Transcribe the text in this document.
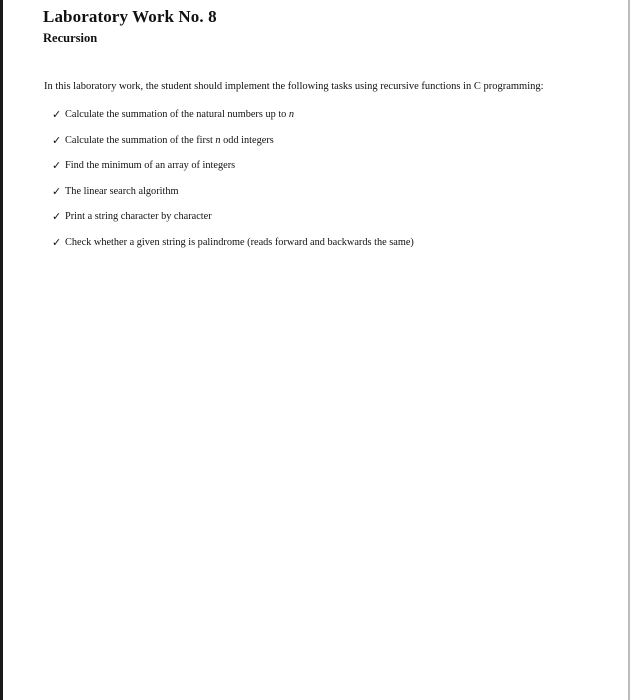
Laboratory Work No. 8
Recursion
In this laboratory work, the student should implement the following tasks using recursive functions in C programming:
✓ Calculate the summation of the natural numbers up to n
✓ Calculate the summation of the first n odd integers
✓ Find the minimum of an array of integers
✓ The linear search algorithm
✓ Print a string character by character
✓ Check whether a given string is palindrome (reads forward and backwards the same)
